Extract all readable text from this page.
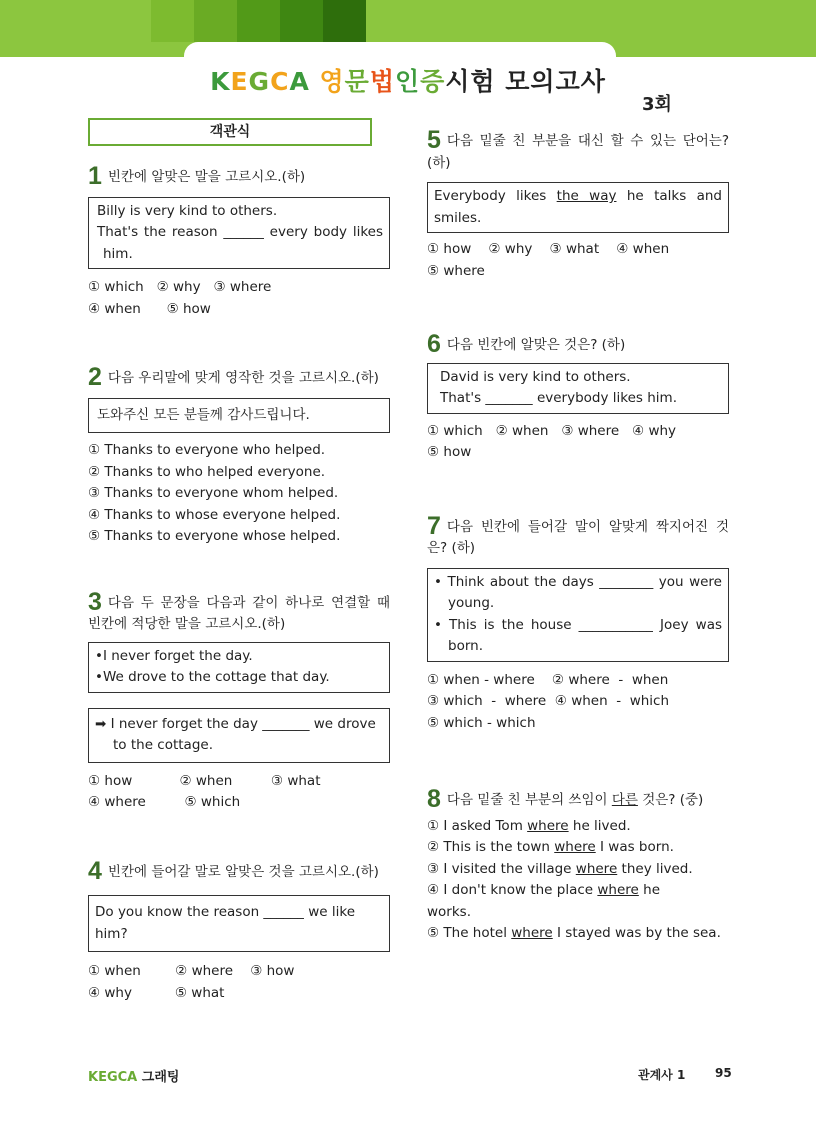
KEGCA 영문법인증시험 모의고사
3회
객관식
1 빈칸에 알맞은 말을 고르시오.(하)
Billy is very kind to others.
That's the reason ______ every body likes
him.
① which   ② why   ③ where
④ when      ⑤ how
2 다음 우리말에 맞게 영작한 것을 고르시오.(하)
도와주신 모든 분들께 감사드립니다.
① Thanks to everyone who helped.
② Thanks to who helped everyone.
③ Thanks to everyone whom helped.
④ Thanks to whose everyone helped.
⑤ Thanks to everyone whose helped.
3 다음 두 문장을 다음과 같이 하나로 연결할 때
빈칸에 적당한 말을 고르시오.(하)
•I never forget the day.
•We drove to the cottage that day.
➡ I never forget the day _______ we drove
to the cottage.
① how           ② when         ③ what
④ where         ⑤ which
4 빈칸에 들어갈 말로 알맞은 것을 고르시오.(하)
Do you know the reason ______ we like him?
① when        ② where    ③ how
④ why          ⑤ what
5 다음 밑줄 친 부분을 대신 할 수 있는 단어는?
(하)
Everybody  likes  the  way  he  talks  and
smiles.
① how    ② why    ③ what    ④ when
⑤ where
6 다음 빈칸에 알맞은 것은? (하)
David is very kind to others.
That's _______ everybody likes him.
① which   ② when   ③ where   ④ why
⑤ how
7 다음 빈칸에 들어갈 말이 알맞게 짝지어진 것
은? (하)
• Think about the days ________ you were
young.
• This is the house ___________ Joey was
born.
① when - where    ② where  -  when
③ which  -  where  ④ when  -  which
⑤ which - which
8 다음 밑줄 친 부분의 쓰임이 다른 것은? (중)
① I asked Tom where he lived.
② This is the town where I was born.
③ I visited the village where they lived.
④ I don't know the place where he
works.
⑤ The hotel where I stayed was by the sea.
KEGCA 그래팅	관계사 1 95
